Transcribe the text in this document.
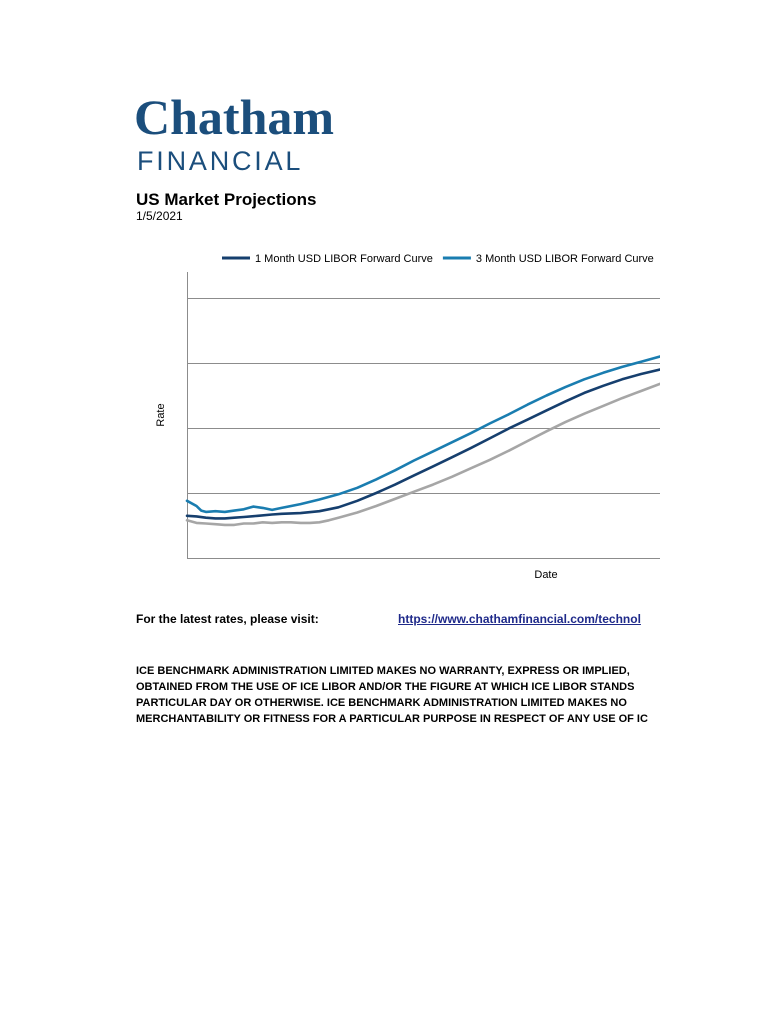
Chatham
FINANCIAL
US Market Projections
1/5/2021
1 Month USD LIBOR Forward Curve	3 Month USD LIBOR Forward Curve
Rate
Date
For the latest rates, please visit:	https://www.chathamfinancial.com/technol
ICE BENCHMARK ADMINISTRATION LIMITED MAKES NO WARRANTY, EXPRESS OR IMPLIED,
OBTAINED FROM THE USE OF ICE LIBOR AND/OR THE FIGURE AT WHICH ICE LIBOR STANDS
PARTICULAR DAY OR OTHERWISE. ICE BENCHMARK ADMINISTRATION LIMITED MAKES NO
MERCHANTABILITY OR FITNESS FOR A PARTICULAR PURPOSE IN RESPECT OF ANY USE OF IC
